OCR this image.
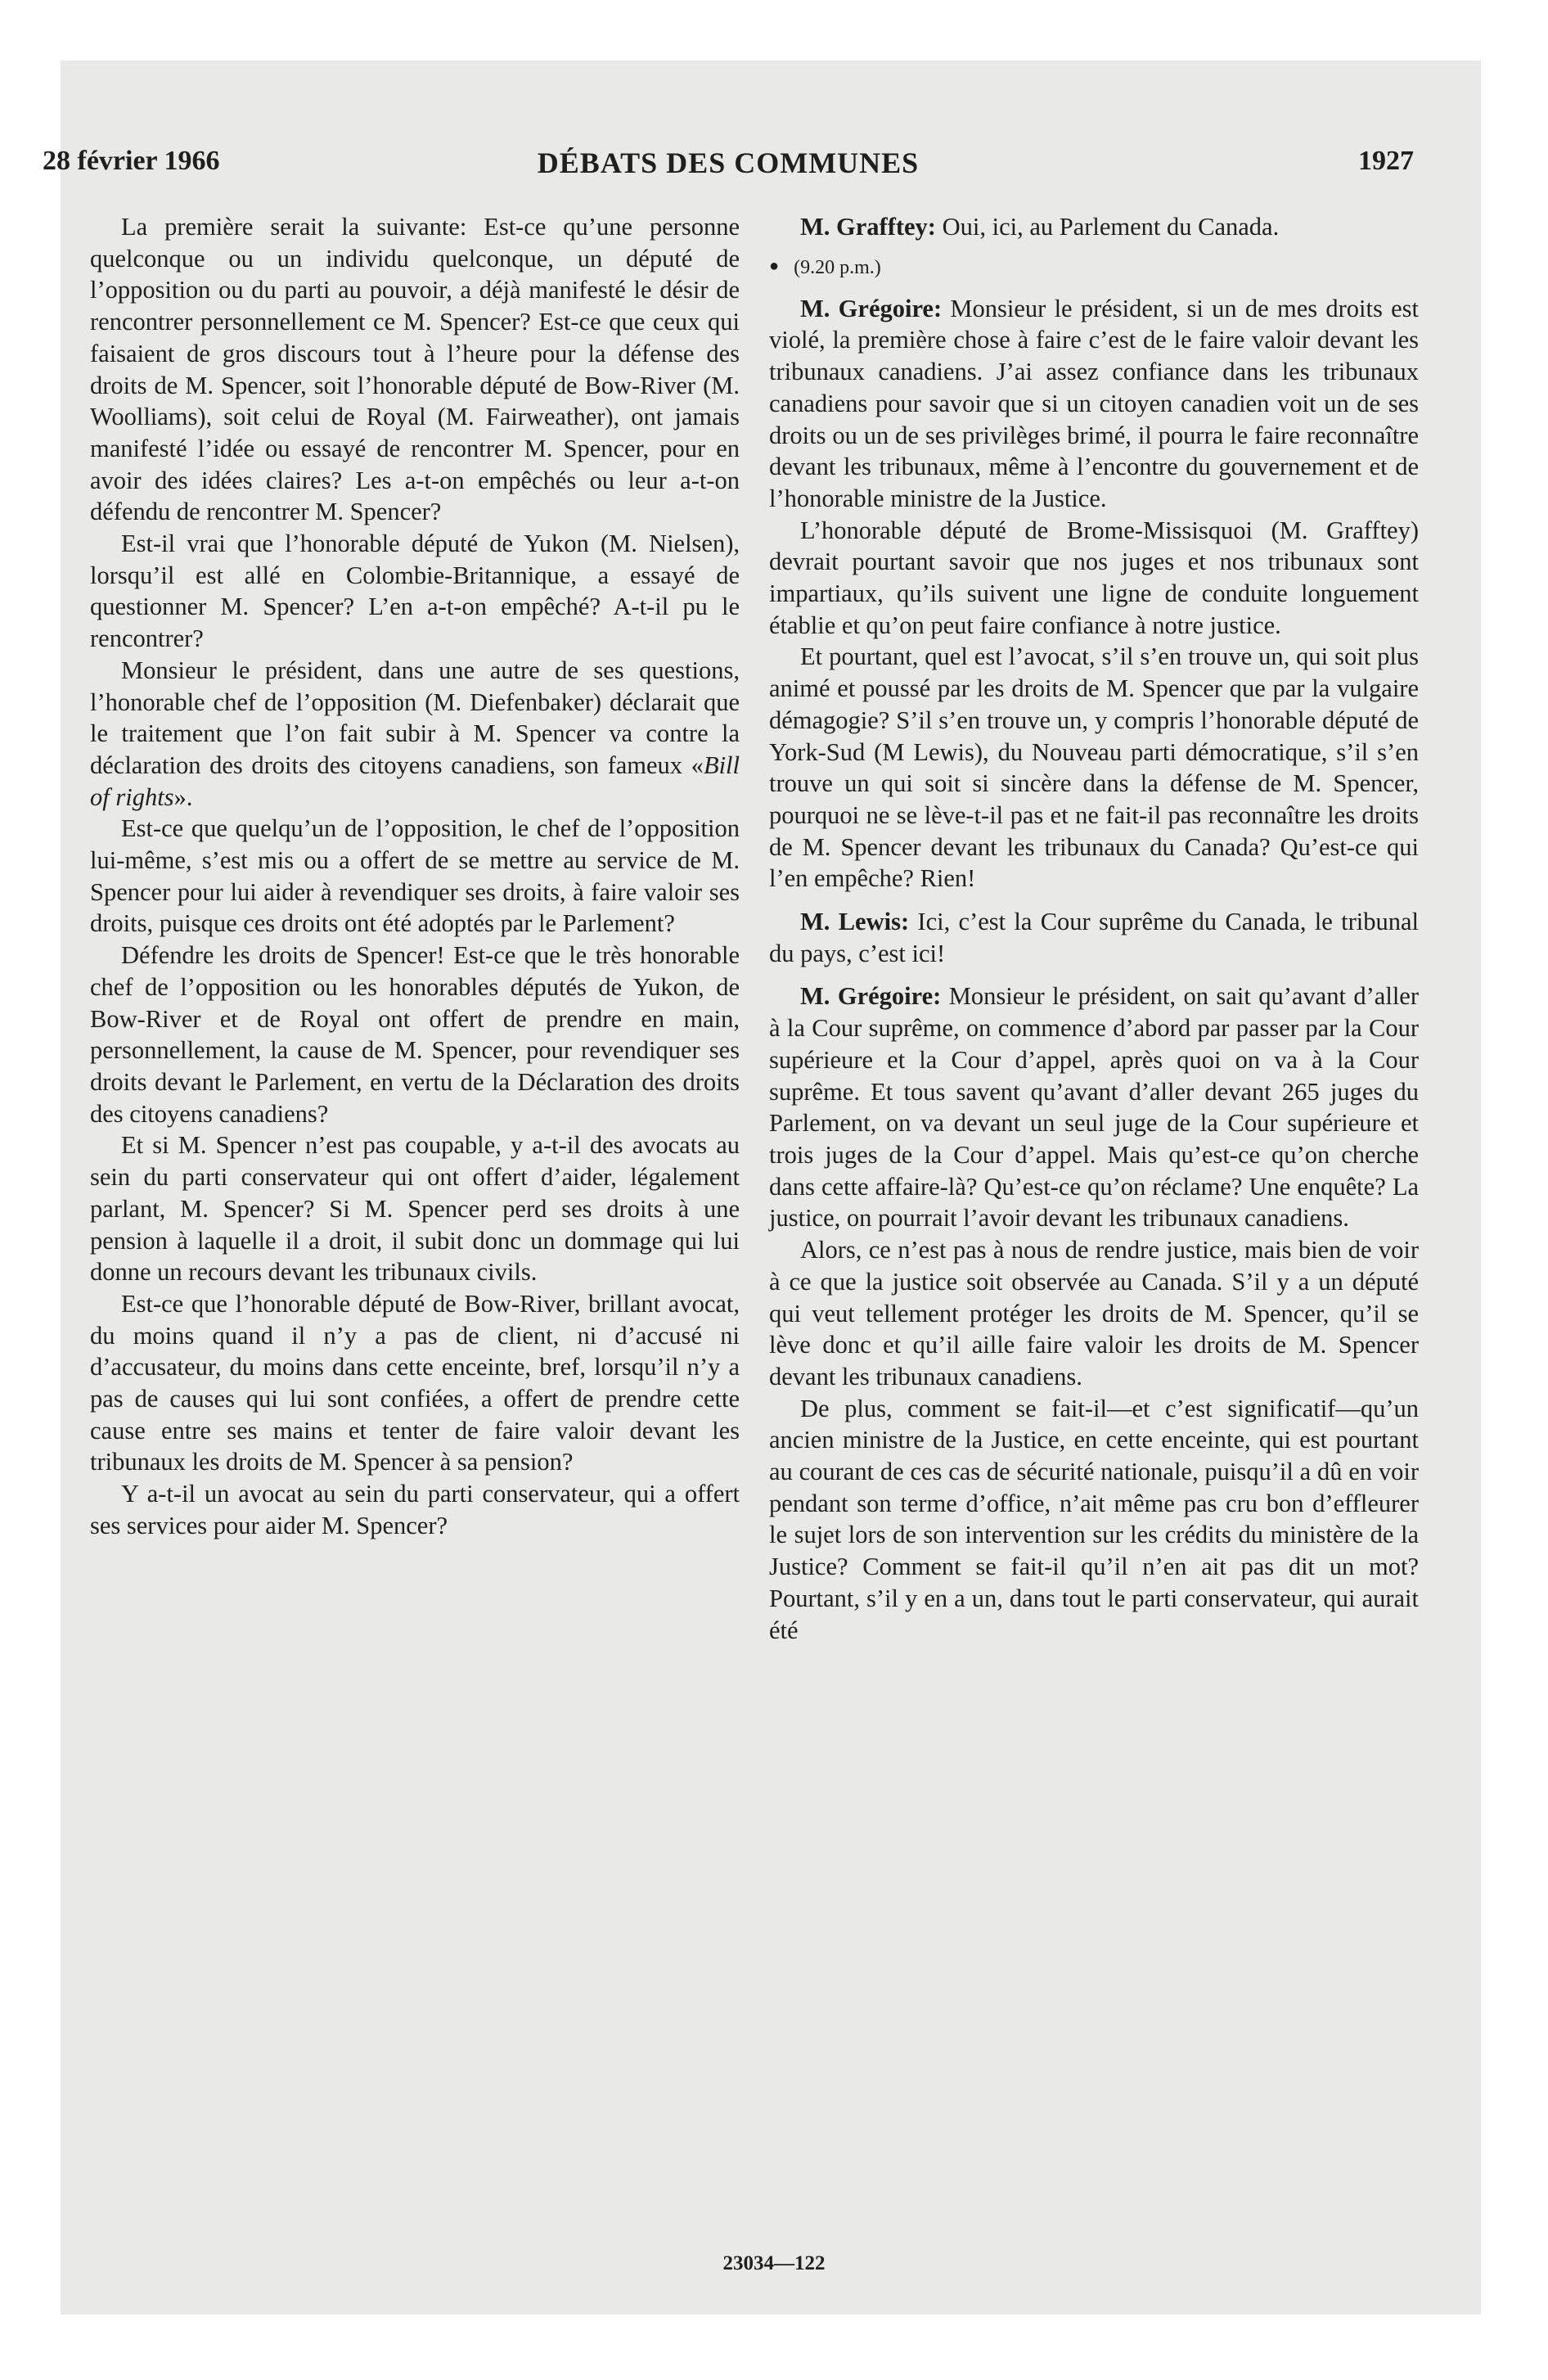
28 février 1966	DÉBATS DES COMMUNES	1927

La première serait la suivante: Est-ce qu’une personne quelconque ou un individu quelconque, un député de l’opposition ou du parti au pouvoir, a déjà manifesté le désir de rencontrer personnellement ce M. Spencer? Est-ce que ceux qui faisaient de gros discours tout à l’heure pour la défense des droits de M. Spencer, soit l’honorable député de Bow-River (M. Woolliams), soit celui de Royal (M. Fairweather), ont jamais manifesté l’idée ou essayé de rencontrer M. Spencer, pour en avoir des idées claires? Les a-t-on empêchés ou leur a-t-on défendu de rencontrer M. Spencer?

Est-il vrai que l’honorable député de Yukon (M. Nielsen), lorsqu’il est allé en Colombie-Britannique, a essayé de questionner M. Spencer? L’en a-t-on empêché? A-t-il pu le rencontrer?

Monsieur le président, dans une autre de ses questions, l’honorable chef de l’opposition (M. Diefenbaker) déclarait que le traitement que l’on fait subir à M. Spencer va contre la déclaration des droits des citoyens canadiens, son fameux «Bill of rights».

Est-ce que quelqu’un de l’opposition, le chef de l’opposition lui-même, s’est mis ou a offert de se mettre au service de M. Spencer pour lui aider à revendiquer ses droits, à faire valoir ses droits, puisque ces droits ont été adoptés par le Parlement?

Défendre les droits de Spencer! Est-ce que le très honorable chef de l’opposition ou les honorables députés de Yukon, de Bow-River et de Royal ont offert de prendre en main, personnellement, la cause de M. Spencer, pour revendiquer ses droits devant le Parlement, en vertu de la Déclaration des droits des citoyens canadiens?

Et si M. Spencer n’est pas coupable, y a-t-il des avocats au sein du parti conservateur qui ont offert d’aider, légalement parlant, M. Spencer? Si M. Spencer perd ses droits à une pension à laquelle il a droit, il subit donc un dommage qui lui donne un recours devant les tribunaux civils.

Est-ce que l’honorable député de Bow-River, brillant avocat, du moins quand il n’y a pas de client, ni d’accusé ni d’accusateur, du moins dans cette enceinte, bref, lorsqu’il n’y a pas de causes qui lui sont confiées, a offert de prendre cette cause entre ses mains et tenter de faire valoir devant les tribunaux les droits de M. Spencer à sa pension?

Y a-t-il un avocat au sein du parti conservateur, qui a offert ses services pour aider M. Spencer?

M. Grafftey: Oui, ici, au Parlement du Canada.

● (9.20 p.m.)

M. Grégoire: Monsieur le président, si un de mes droits est violé, la première chose à faire c’est de le faire valoir devant les tribunaux canadiens. J’ai assez confiance dans les tribunaux canadiens pour savoir que si un citoyen canadien voit un de ses droits ou un de ses privilèges brimé, il pourra le faire reconnaître devant les tribunaux, même à l’encontre du gouvernement et de l’honorable ministre de la Justice.

L’honorable député de Brome-Missisquoi (M. Grafftey) devrait pourtant savoir que nos juges et nos tribunaux sont impartiaux, qu’ils suivent une ligne de conduite longuement établie et qu’on peut faire confiance à notre justice.

Et pourtant, quel est l’avocat, s’il s’en trouve un, qui soit plus animé et poussé par les droits de M. Spencer que par la vulgaire démagogie? S’il s’en trouve un, y compris l’honorable député de York-Sud (M Lewis), du Nouveau parti démocratique, s’il s’en trouve un qui soit si sincère dans la défense de M. Spencer, pourquoi ne se lève-t-il pas et ne fait-il pas reconnaître les droits de M. Spencer devant les tribunaux du Canada? Qu’est-ce qui l’en empêche? Rien!

M. Lewis: Ici, c’est la Cour suprême du Canada, le tribunal du pays, c’est ici!

M. Grégoire: Monsieur le président, on sait qu’avant d’aller à la Cour suprême, on commence d’abord par passer par la Cour supérieure et la Cour d’appel, après quoi on va à la Cour suprême. Et tous savent qu’avant d’aller devant 265 juges du Parlement, on va devant un seul juge de la Cour supérieure et trois juges de la Cour d’appel. Mais qu’est-ce qu’on cherche dans cette affaire-là? Qu’est-ce qu’on réclame? Une enquête? La justice, on pourrait l’avoir devant les tribunaux canadiens.

Alors, ce n’est pas à nous de rendre justice, mais bien de voir à ce que la justice soit observée au Canada. S’il y a un député qui veut tellement protéger les droits de M. Spencer, qu’il se lève donc et qu’il aille faire valoir les droits de M. Spencer devant les tribunaux canadiens.

De plus, comment se fait-il—et c’est significatif—qu’un ancien ministre de la Justice, en cette enceinte, qui est pourtant au courant de ces cas de sécurité nationale, puisqu’il a dû en voir pendant son terme d’office, n’ait même pas cru bon d’effleurer le sujet lors de son intervention sur les crédits du ministère de la Justice? Comment se fait-il qu’il n’en ait pas dit un mot? Pourtant, s’il y en a un, dans tout le parti conservateur, qui aurait été

23034—122
